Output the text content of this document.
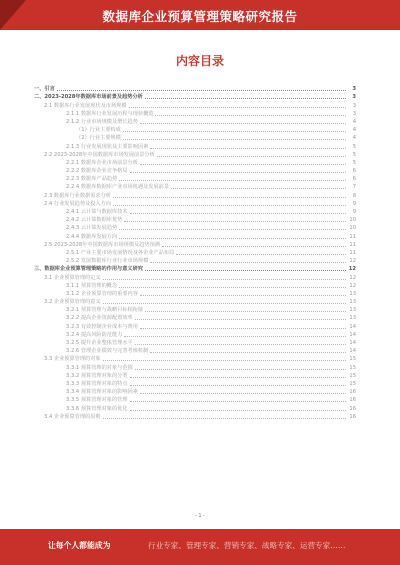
数据库企业预算管理策略研究报告
内容目录
一、引言	3
二、2023-2028年数据库市场前景及趋势分析	3
2.1 数据库行业发展现状及市场规模	3
2.1.1 数据库行业发展历程与现状概览	3
2.1.2 行业市场规模及增长趋势	4
（1）行业主要构成	4
（2）行业主要规模	4
2.1.3 行业发展现状及主要影响因素	5
2.2 2023-2028年中国数据库市场发展前景分析	5
2.2.1 数据库企业市场前景分析	5
2.2.2 数据库企业竞争格局	6
2.2.3 数据库产品趋势	6
2.2.4 数据库数据库产业市场机遇及发展前景	7
2.3 数据库行业数据需求分析	8
2.4 行业发展趋势及投入方向	9
2.4.1 云计算与数据库技术	9
2.4.2 云计算数据库优势	10
2.4.3 云计算发展趋势	10
2.4.4 数据库发展方向	11
2.5 2023-2028年中国数据库市场规模及趋势预测	11
2.5.1 产业主要市场发展情况及各企业产品布局	11
2.5.2 发展数据库行业行业市场规模	12
三、数据库企业预算管理策略的作用与意义研究	12
3.1 企业预算管理的定义	12
3.1.1 预算管理的概念	12
3.1.2 企业预算管理的重要内容	13
3.2 企业预算管理的意义	13
3.2.1 预算管理与战略目标相衔接	13
3.2.2 提高企业资源配置效率	13
3.2.3 有效控制企业成本与费用	14
3.2.4 提高风险防范能力	14
3.2.5 提升企业整体管理水平	14
3.2.6 管理企业绩效与完善考核机制	14
3.3 企业预算管理的对象	15
3.3.1 预算管理的对象与范围	15
3.3.2 预算管理对象的分类	15
3.3.3 预算管理对象的特点	15
3.3.4 预算管理对象的影响因素	16
3.3.5 预算管理对象的管理	16
3.3.6 预算管理对象的优化	16
3.4 企业预算管理的原则	16
- 1 -
让每个人都能成为	行业专家、管理专家、营销专家、战略专家、运营专家……
